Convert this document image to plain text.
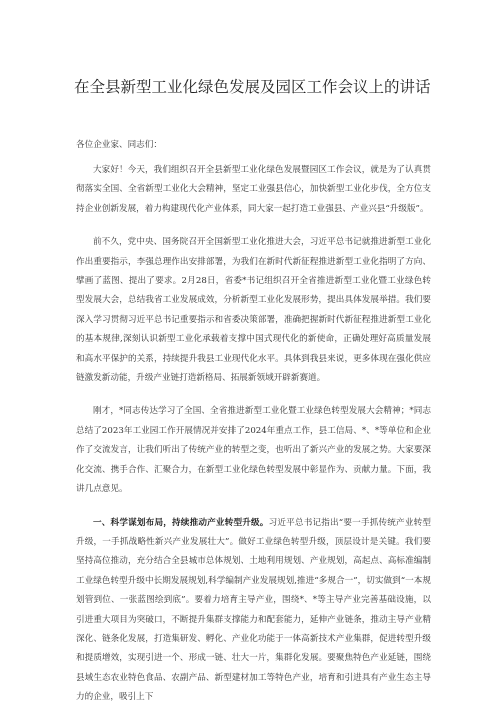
在全县新型工业化绿色发展及园区工作会议上的讲话
各位企业家、同志们：

大家好！今天，我们组织召开全县新型工业化绿色发展暨园区工作会议，就是为了认真贯彻落实全国、全省新型工业化大会精神，坚定工业强县信心，加快新型工业化步伐，全方位支持企业创新发展，着力构建现代化产业体系，同大家一起打造工业强县、产业兴县“升级版”。

前不久，党中央、国务院召开全国新型工业化推进大会，习近平总书记就推进新型工业化作出重要指示，李强总理作出安排部署，为我们在新时代新征程推进新型工业化指明了方向、擘画了蓝图、提出了要求。2月28日，省委*书记组织召开全省推进新型工业化暨工业绿色转型发展大会，总结我省工业发展成效，分析新型工业化发展形势，提出具体发展举措。我们要深入学习贯彻习近平总书记重要指示和省委决策部署，准确把握新时代新征程推进新型工业化的基本规律,深刻认识新型工业化承载着支撑中国式现代化的新使命，正确处理好高质量发展和高水平保护的关系，持续提升我县工业现代化水平。具体到我县来说，更多体现在强化供应链激发新动能，升级产业链打造新格局、拓展新领域开辟新赛道。

刚才，*同志传达学习了全国、全省推进新型工业化暨工业绿色转型发展大会精神；*同志总结了2023年工业园工作开展情况并安排了2024年重点工作，县工信局、*、*等单位和企业作了交流发言，让我们听出了传统产业的转型之变，也听出了新兴产业的发展之势。大家要深化交流、携手合作、汇聚合力，在新型工业化绿色转型发展中彰显作为、贡献力量。下面，我讲几点意见。

一、科学谋划布局，持续推动产业转型升级。习近平总书记指出“要一手抓传统产业转型升级，一手抓战略性新兴产业发展壮大”。做好工业绿色转型升级，顶层设计是关键。我们要坚持高位推动，充分结合全县城市总体规划、土地利用规划、产业规划，高起点、高标准编制工业绿色转型升级中长期发展规划,科学编制产业发展规划,推进“多规合一”，切实做到“一本规划管到位、一张蓝图绘到底”。要着力培育主导产业，围绕*、*等主导产业完善基础设施，以引进重大项目为突破口，不断提升集群支撑能力和配套能力，延伸产业链条，推动主导产业精深化、链条化发展，打造集研发、孵化、产业化功能于一体高新技术产业集群，促进转型升级和提质增效，实现引进一个、形成一链、壮大一片，集群化发展。要聚焦特色产业延链，围绕县域生态农业特色食品、农副产品、新型建材加工等特色产业，培育和引进具有产业生态主导力的企业，吸引上下
